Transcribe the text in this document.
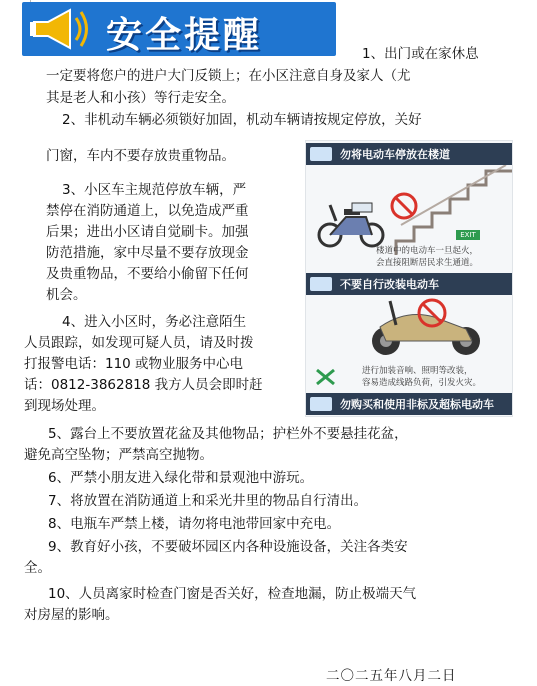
安全提醒	1、出门或在家休息
一定要将您户的进户大门反锁上；在小区注意自身及家人（尤
其是老人和小孩）等行走安全。
2、非机动车辆必须锁好加固，机动车辆请按规定停放，关好
门窗，车内不要存放贵重物品。
3、小区车主规范停放车辆，严
禁停在消防通道上，以免造成严重
后果；进出小区请自觉刷卡。加强
防范措施，家中尽量不要存放现金
及贵重物品，不要给小偷留下任何
机会。
4、进入小区时，务必注意陌生
人员跟踪，如发现可疑人员，请及时拨
打报警电话：110 或物业服务中心电
话：0812-3862818 我方人员会即时赶
到现场处理。
5、露台上不要放置花盆及其他物品；护栏外不要悬挂花盆，
避免高空坠物；严禁高空抛物。
6、严禁小朋友进入绿化带和景观池中游玩。
7、将放置在消防通道上和采光井里的物品自行清出。
8、电瓶车严禁上楼，请勿将电池带回家中充电。
9、教育好小孩，不要破坏园区内各种设施设备，关注各类安
全。
10、人员离家时检查门窗是否关好，检查地漏，防止极端天气
对房屋的影响。
勿将电动车停放在楼道
EXIT
楼道中的电动车一旦起火，
会直接阻断居民求生通道。
不要自行改装电动车
进行加装音响、照明等改装，
容易造成线路负荷，引发火灾。
勿购买和使用非标及超标电动车
二〇二五年八月二日
